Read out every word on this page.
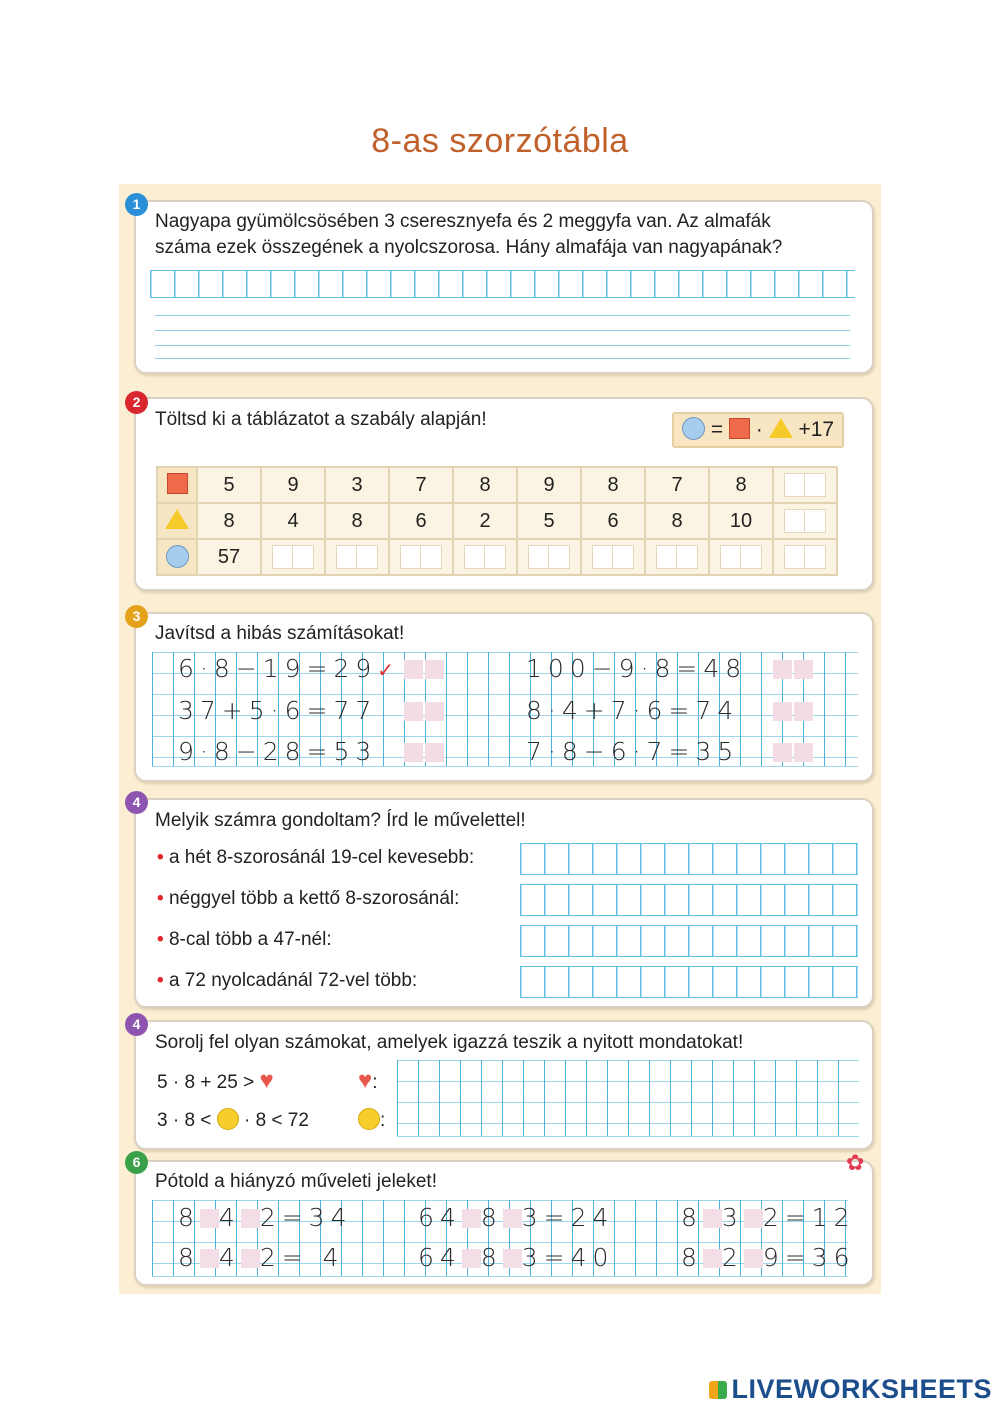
8-as szorzótábla
1
Nagyapa gyümölcsösében 3 cseresznyefa és 2 meggyfa van. Az almafák
száma ezek összegének a nyolcszorosa. Hány almafája van nagyapának?
2
Töltsd ki a táblázatot a szabály alapján!	= · +17
	5	9	3	7	8	9	8	7	8	
	8	4	8	6	2	5	6	8	10	
	57									
3
Javítsd a hibás számításokat!
6·8−19=29✓
37+5·6=77
9·8−28=53
100−9·8=48
8·4+7·6=74
7·8−6·7=35
4
Melyik számra gondoltam? Írd le művelettel!
• a hét 8-szorosánál 19-cel kevesebb:
• néggyel több a kettő 8-szorosánál:
• 8-cal több a 47-nél:
• a 72 nyolcadánál 72-vel több:
4
Sorolj fel olyan számokat, amelyek igazzá teszik a nyitott mondatokat!
5 · 8 + 25 > ♥
3 · 8 < · 8 < 72
♥:
:
6	✿
Pótold a hiányzó műveleti jeleket!
8 4 2=34	64 8 3=24	8 3 2=12
8 4 2= 4	64 8 3=40	8 2 9=36
LIVEWORKSHEETS
